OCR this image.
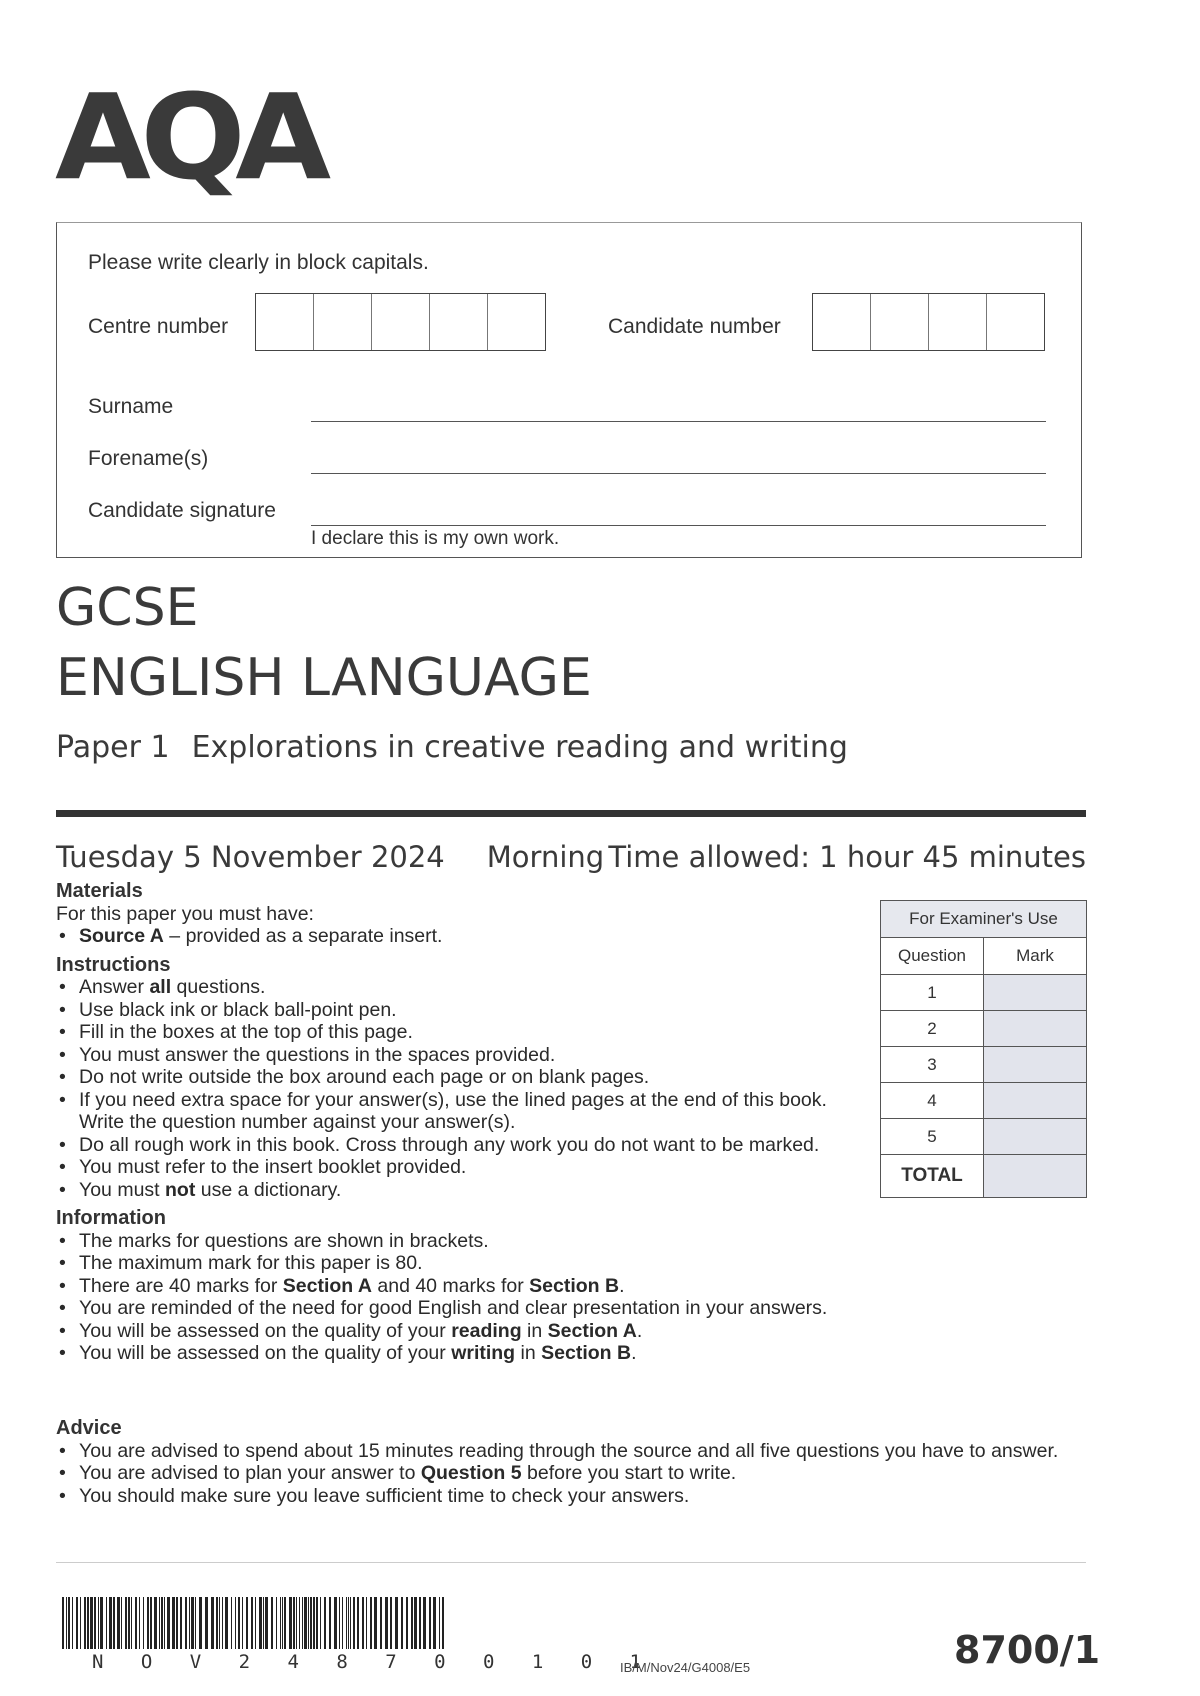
AQA
Please write clearly in block capitals.
Centre number	Candidate number
Surname
Forename(s)
Candidate signature
I declare this is my own work.
GCSE
ENGLISH LANGUAGE
Paper 1 Explorations in creative reading and writing
Tuesday 5 November 2024 Morning Time allowed: 1 hour 45 minutes
Materials

For this paper you must have:

• Source A – provided as a separate insert.
Instructions
• Answer all questions.
• Use black ink or black ball-point pen.
• Fill in the boxes at the top of this page.
• You must answer the questions in the spaces provided.
• Do not write outside the box around each page or on blank pages.
• If you need extra space for your answer(s), use the lined pages at the end of this book. Write the question number against your answer(s).
• Do all rough work in this book. Cross through any work you do not want to be marked.
• You must refer to the insert booklet provided.
• You must not use a dictionary.
Information
• The marks for questions are shown in brackets.
• The maximum mark for this paper is 80.
• There are 40 marks for Section A and 40 marks for Section B.
• You are reminded of the need for good English and clear presentation in your answers.
• You will be assessed on the quality of your reading in Section A.
• You will be assessed on the quality of your writing in Section B.
Advice
• You are advised to spend about 15 minutes reading through the source and all five questions you have to answer.
• You are advised to plan your answer to Question 5 before you start to write.
• You should make sure you leave sufficient time to check your answers.
For Examiner's Use	
Question	Mark
1	
2	
3	
4	
5	
TOTAL	
N O V 2 4 8 7 0 0 1 0 1
IB/M/Nov24/G4008/E5	8700/1
